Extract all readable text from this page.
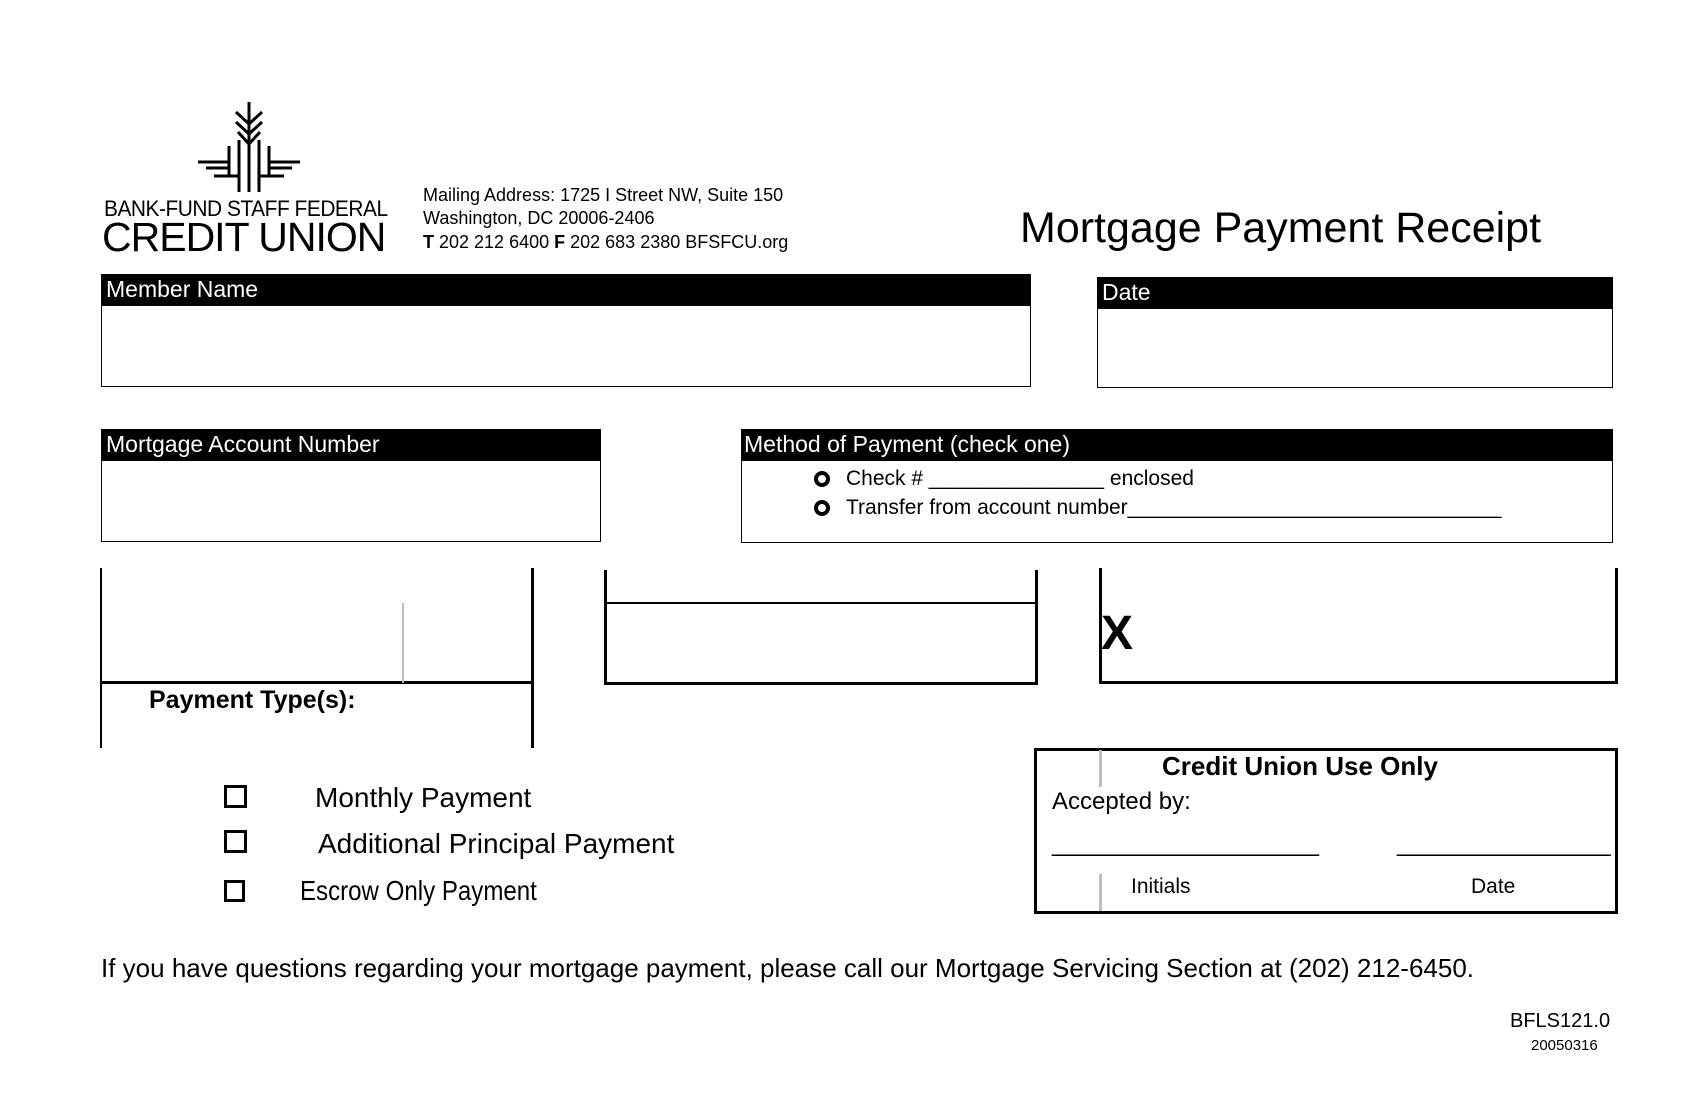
BANK-FUND STAFF FEDERAL
CREDIT UNION
Mailing Address: 1725 I Street NW, Suite 150
Washington, DC 20006-2406
T 202 212 6400 F 202 683 2380 BFSFCU.org	Mortgage Payment Receipt
Member Name	Date
Mortgage Account Number	Method of Payment (check one)
Check # _______________ enclosed
Transfer from account number________________________________
Payment Type(s):
X
Monthly Payment
Additional Principal Payment
Escrow Only Payment
Credit Union Use Only
Accepted by:
____________________	________________
Initials	Date
If you have questions regarding your mortgage payment, please call our Mortgage Servicing Section at (202) 212-6450.
BFLS121.0
20050316
